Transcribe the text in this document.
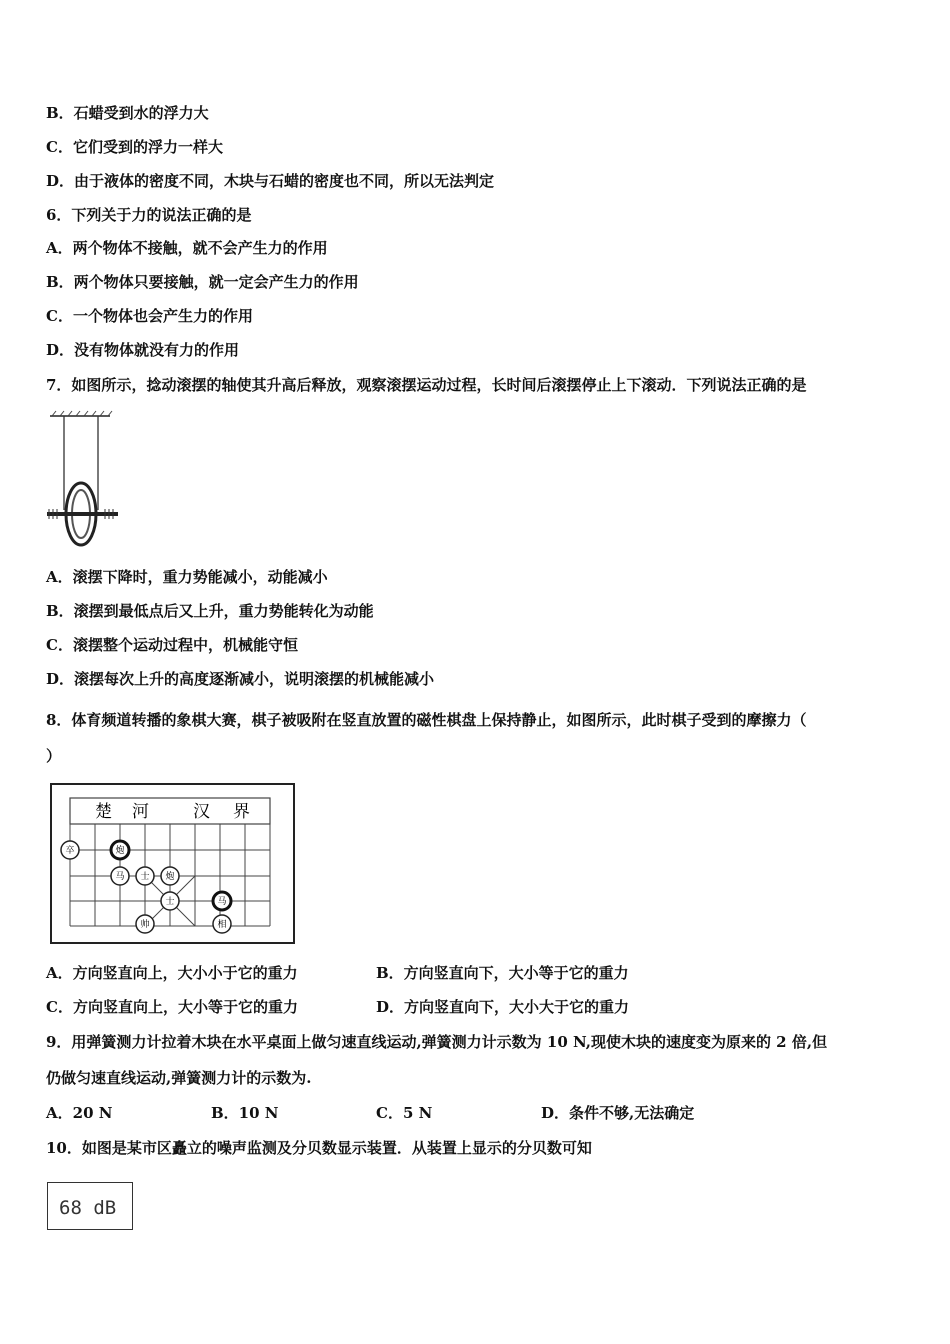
B．石蜡受到水的浮力大
C．它们受到的浮力一样大
D．由于液体的密度不同，木块与石蜡的密度也不同，所以无法判定
6．下列关于力的说法正确的是
A．两个物体不接触，就不会产生力的作用
B．两个物体只要接触，就一定会产生力的作用
C．一个物体也会产生力的作用
D．没有物体就没有力的作用
7．如图所示，捻动滚摆的轴使其升高后释放，观察滚摆运动过程，长时间后滚摆停止上下滚动．下列说法正确的是
A．滚摆下降时，重力势能减小，动能减小
B．滚摆到最低点后又上升，重力势能转化为动能
C．滚摆整个运动过程中，机械能守恒
D．滚摆每次上升的高度逐渐减小，说明滚摆的机械能减小
8．体育频道转播的象棋大赛，棋子被吸附在竖直放置的磁性棋盘上保持静止，如图所示，此时棋子受到的摩擦力（
）
楚 河	汉 界
卒	炮
马 士 炮
士
帅
马
相
A．方向竖直向上，大小小于它的重力	B．方向竖直向下，大小等于它的重力
C．方向竖直向上，大小等于它的重力	D．方向竖直向下，大小大于它的重力
9．用弹簧测力计拉着木块在水平桌面上做匀速直线运动,弹簧测力计示数为 10 N,现使木块的速度变为原来的 2 倍,但
仍做匀速直线运动,弹簧测力计的示数为.
A．20 N	B．10 N	C．5 N	D．条件不够,无法确定
10．如图是某市区矗立的噪声监测及分贝数显示装置．从装置上显示的分贝数可知
68 dB
